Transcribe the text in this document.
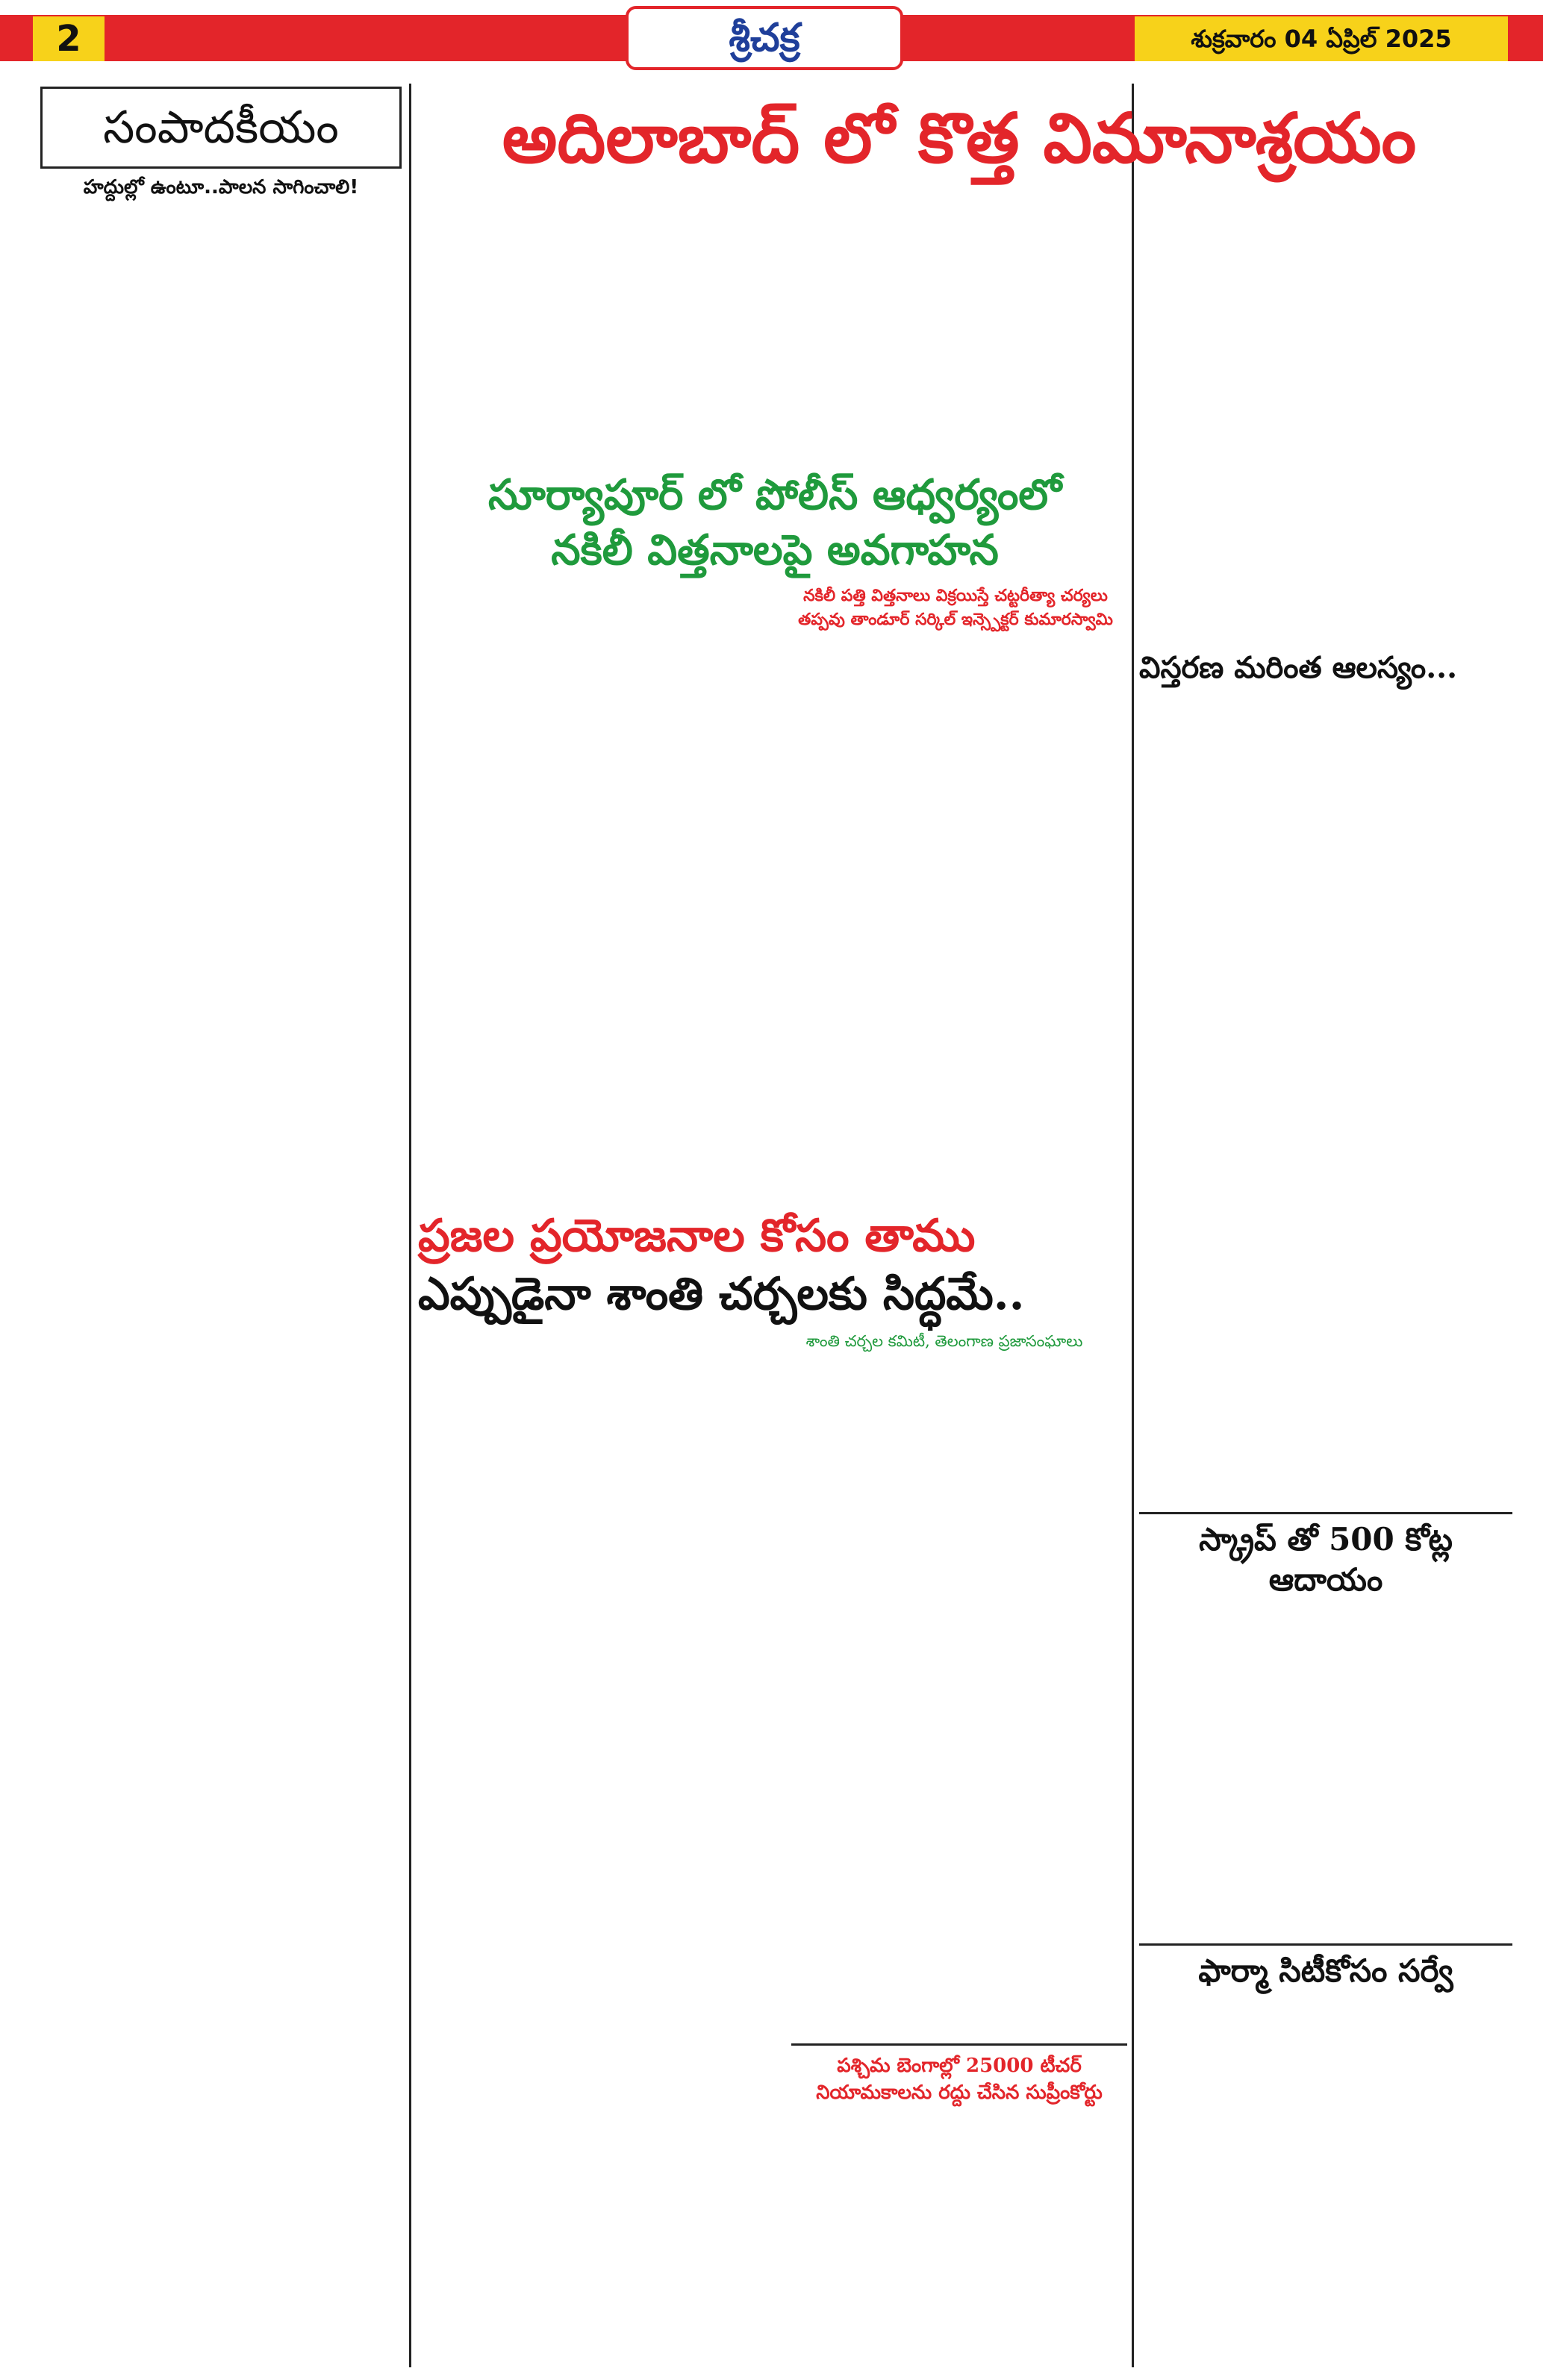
2	శ్రీచక్ర	శుక్రవారం 04 ఏప్రిల్ 2025
సంపాదకీయం
హద్దుల్లో ఉంటూ..పాలన సాగించాలి!
అదిలాబాద్ లో కొత్త విమానాశ్రయం
సూర్యాపూర్ లో పోలీస్ ఆధ్వర్యంలో
నకిలీ విత్తనాలపై అవగాహన
నకిలీ పత్తి విత్తనాలు విక్రయిస్తే చట్టరీత్యా చర్యలు తప్పవు తాండూర్ సర్కిల్ ఇన్స్పెక్టర్ కుమారస్వామి
ప్రజల ప్రయోజనాల కోసం తాము
ఎప్పుడైనా శాంతి చర్చలకు సిద్ధమే..
శాంతి చర్చల కమిటీ, తెలంగాణ ప్రజాసంఘాలు
పశ్చిమ బెంగాల్లో 25000 టీచర్ నియామకాలను రద్దు చేసిన సుప్రీంకోర్టు
విస్తరణ మరింత ఆలస్యం...
స్క్రాప్ తో 500 కోట్ల ఆదాయం
ఫార్మా సిటీకోసం సర్వే
